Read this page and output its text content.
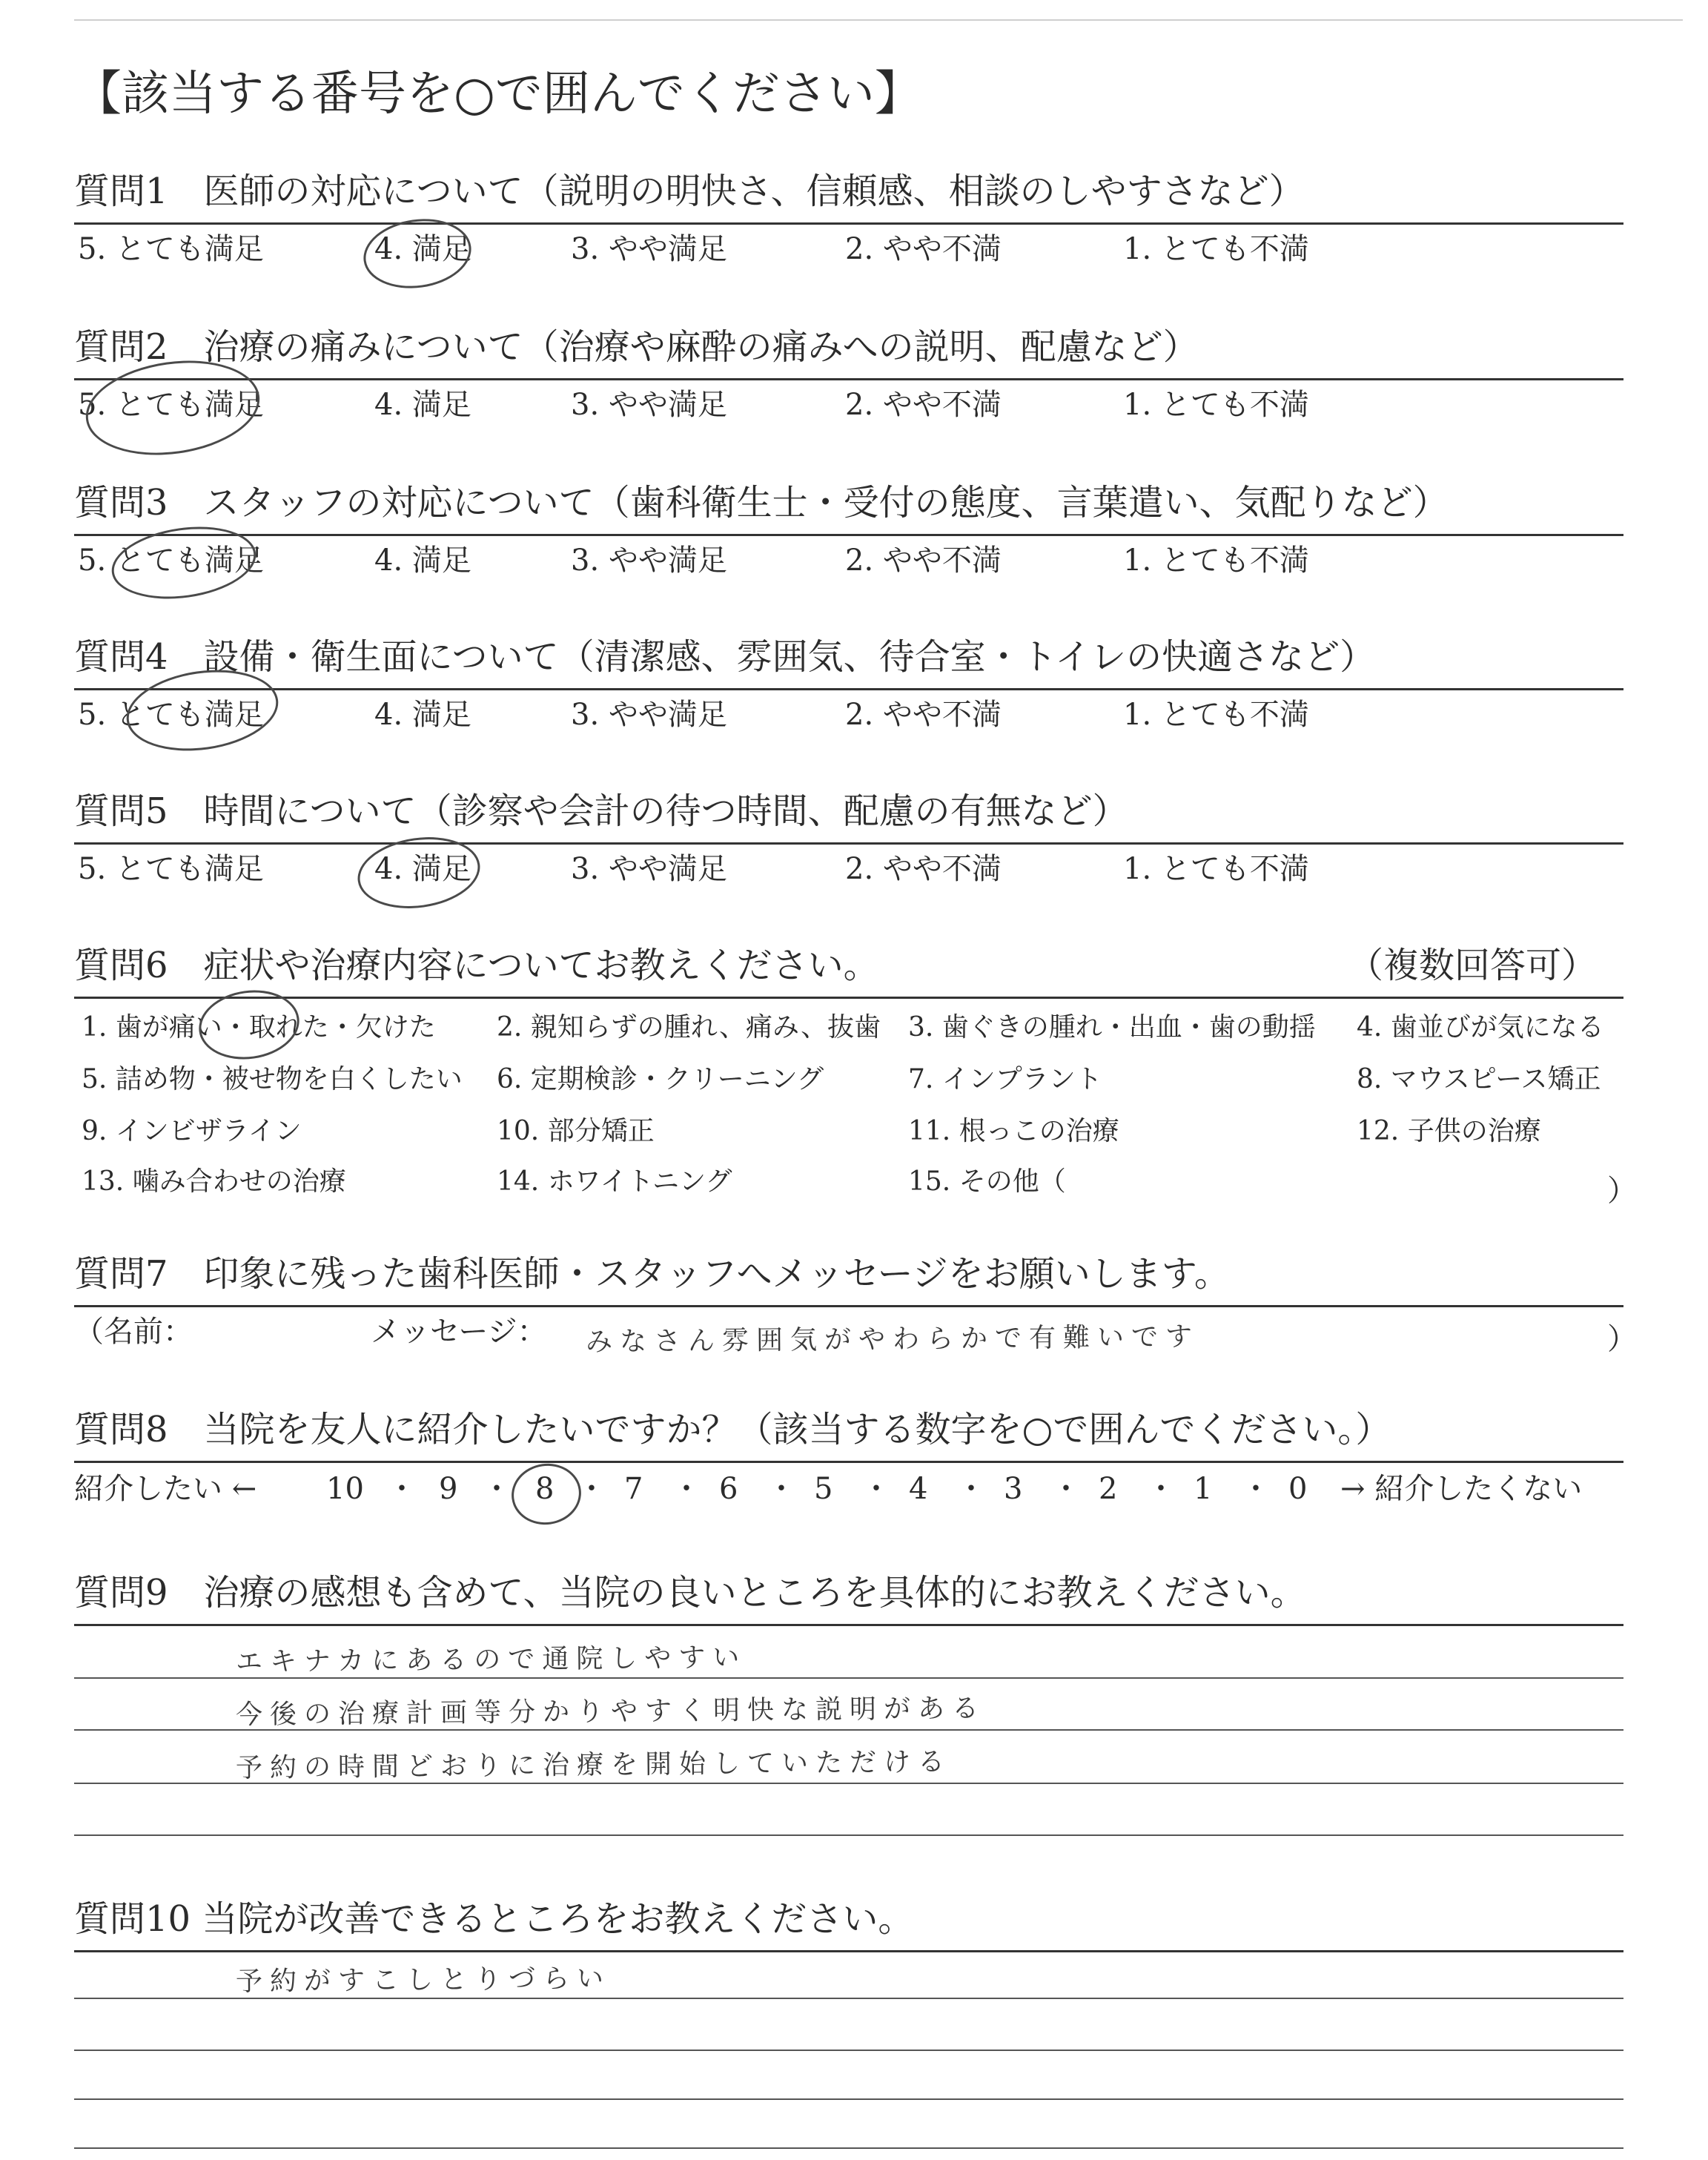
【該当する番号を○で囲んでください】
質問1　医師の対応について（説明の明快さ、信頼感、相談のしやすさなど）
5. とても満足	4. 満足	3. やや満足	2. やや不満	1. とても不満
質問2　治療の痛みについて（治療や麻酔の痛みへの説明、配慮など）
5. とても満足	4. 満足	3. やや満足	2. やや不満	1. とても不満
質問3　スタッフの対応について（歯科衛生士・受付の態度、言葉遣い、気配りなど）
5. とても満足	4. 満足	3. やや満足	2. やや不満	1. とても不満
質問4　設備・衛生面について（清潔感、雰囲気、待合室・トイレの快適さなど）
5. とても満足	4. 満足	3. やや満足	2. やや不満	1. とても不満
質問5　時間について（診察や会計の待つ時間、配慮の有無など）
5. とても満足	4. 満足	3. やや満足	2. やや不満	1. とても不満
質問6　症状や治療内容についてお教えください。	（複数回答可）
1. 歯が痛い・取れた・欠けた 2. 親知らずの腫れ、痛み、抜歯 3. 歯ぐきの腫れ・出血・歯の動揺 4. 歯並びが気になる
5. 詰め物・被せ物を白くしたい 6. 定期検診・クリーニング	7. インプラント	8. マウスピース矯正
9. インビザライン	10. 部分矯正	11. 根っこの治療	12. 子供の治療
13. 噛み合わせの治療	14. ホワイトニング	15. その他（	）
質問7　印象に残った歯科医師・スタッフへメッセージをお願いします。
（名前：	メッセージ： みなさん雰囲気がやわらかで有難いです	）
質問8　当院を友人に紹介したいですか？（該当する数字を○で囲んでください。）
紹介したい ← 10 ・ 9 ・ 8 ・ 7 ・ 6 ・ 5 ・ 4 ・ 3 ・ 2 ・ 1 ・ 0 → 紹介したくない
質問9　治療の感想も含めて、当院の良いところを具体的にお教えください。
エキナカにあるので通院しやすい
今後の治療計画等分かりやすく明快な説明がある
予約の時間どおりに治療を開始していただける
質問10 当院が改善できるところをお教えください。
予約がすこしとりづらい
